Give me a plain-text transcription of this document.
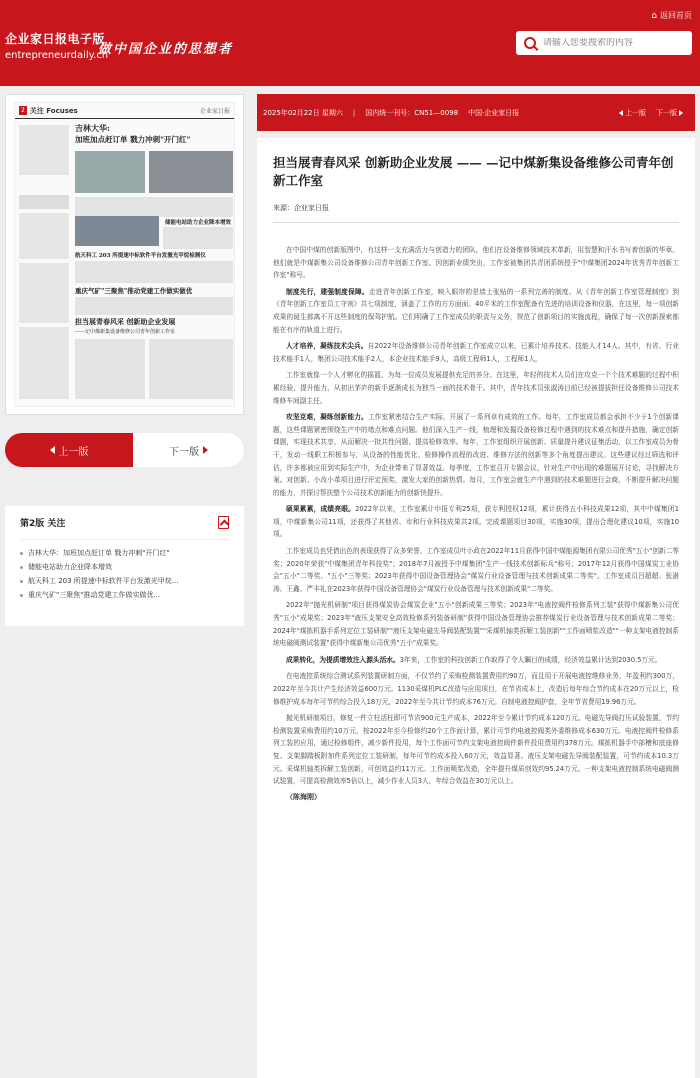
⌂ 返回首页
企业家日报电子版
entrepreneurdaily.cn
做中国企业的思想者
请输入您要搜索的内容
2 关注 Focuses	企业家日报
吉林大华:
加班加点赶订单 戮力冲刺"开门红"
储能电站助力企业降本增效
航天科工 203 所提速中标软件平台发激光甲烷检测仪
重庆气矿"三聚焦"推动党建工作做实做优
担当展青春风采 创新助企业发展
——记中煤新集设备维修公司青年创新工作室
上一版	下一版
第2版 关注
吉林大华：加班加点赶订单 戮力冲刺"开门红"
储能电站助力企业降本增效
航天科工 203 所提速中标软件平台发激光甲烷...
重庆气矿"三聚焦"推动党建工作做实做优...
2025年02月22日 星期六 | 国内统一刊号：CN51—0098 中国·企业家日报	上一版 下一版
担当展青春风采 创新助企业发展 —— —记中煤新集设备维修公司青年创新工作室
来源：企业家日报

在中国中煤的创新版图中，有这样一支充满活力与创造力的团队，他们在设备维修领域技术革新，用智慧和汗水书写着创新的华章。他们就是中煤新集公司设备维修公司青年创新工作室。因创新业绩突出，工作室被集团共青团系统授予"中煤集团2024年优秀青年创新工作室"称号。

制度先行，建强制度保障。走进青年创新工作室，映入眼帘的是墙上张贴的一系列完善的制度。从《青年创新工作室管理制度》到《青年创新工作室员工守则》共七项制度，涵盖了工作的方方面面。40平米的工作室配备有先进的培训设备和仪器，在这里，每一项创新成果的诞生都离不开这些制度的保驾护航。它们明确了工作室成员的职责与义务，规范了创新项目的实施流程，确保了每一次创新探索都能在有序的轨道上进行。

人才培养，凝练技术尖兵。自2022年设备维修公司青年创新工作室成立以来，已累计培养技术、技能人才14人。其中，有省、行业技术能手1人，集团公司技术能手2人，本企业技术能手9人，高级工程师1人，工程师1人。

工作室就像一个人才孵化的摇篮，为每一位成员发展提供充足的养分。在这里，年轻的技术人员们在攻克一个个技术难题的过程中积累经验，提升能力，从初出茅庐的新手逐渐成长为独当一面的技术骨干。其中，青年技术员张淑涛目前已经被提拔担任设备维修公司技术维修车间副主任。

攻坚克难，凝练创新能力。工作室紧密结合生产实际，开展了一系列卓有成效的工作。每年，工作室成员都会承担不少于1个创新课题，这些课题紧密围绕生产中的堵点和难点问题。他们深入生产一线，梳理和发掘设备检修过程中遇到的技术难点和提升措施，确定创新课题，实现技术共享，从而解决一批共性问题，提高检修效率。每年，工作室组织开展创新、质量提升建议征集活动，以工作室成员为骨干，发动一线职工积极参与，从设备的性能优化、检修操作流程的改进、维修方法的创新等多个角度提出建议。这些建议经过筛选和评估，许多都被应用到实际生产中，为企业带来了显著效益。每季度，工作室召开专题会议，针对生产中出现的难题展开讨论，寻找解决方案。对创新、小改小革项目进行评定预奖，激发大家的创新热情。每月，工作室会就生产中遇到的技术难题进行会商，不断提升解决问题的能力，并探讨帮扶整个公司技术创新能力的创新快提升。

硕果累累，成绩亮眼。2022年以来，工作室累计申报专利25项，获专利授权12项，累计获得五小科技成果12项，其中中煤集团1项，中煤新集公司11项，还获得了其他省、市和行业科技成果共2项。完成课题项目30项，实施30项，提出合理化建议10项，实施10项。

工作室成员也凭借出色的表现获得了众多荣誉。工作室成员叶小政在2022年11月获得中国中煤能源集团有限公司优秀"五小"创新二等奖；2020年荣获"中煤集团青年科技奖"；2018年7月被授予中煤集团"生产一线技术创新标兵"称号；2017年12月获得中国煤炭工业协会"五小"二等奖、"五小"三等奖；2023年获得中国设备管理协会"煤炭行业设备管理与技术创新成果二等奖"。工作室成员吕超超、张澍涛、王鑫、严丰礼在2023年获得中国设备管理协会"煤炭行业设备管理与技术创新成果"二等奖。

2022年"抛光机研制"项目获得煤炭协会煤炭企业"五小"创新成果三等奖；2023年"电液控阀件检修系列工装"获得中煤新集公司优秀"五小"成果奖；2023年"液压支架安全高效检修系列装备研制"获得中国设备管理协会推荐煤炭行业设备管理与技术创新成果二等奖；2024年"煤拣机器手系列定位工装研制""液压支架电磁先导阀装配装置""采煤机轴类拆解工装创新""工作面喷浆改造""一种支架电液控制系统电磁阀测试装置"获得中煤新集公司优秀"五小"成果奖。

成果转化，为提质增效注入源头活水。3年来，工作室的科技创新工作取得了令人瞩目的成绩，经济效益累计达到2030.5万元。

在电液控系统综合测试系列装置研制方面，不仅节约了采购检测装置费用约90万，而且用于开展电液控维修业务，年盈利约300万，2022年至今共计产生经济效益600万元。1130采煤机PLC改造与应用项目，在节省成本上，改造后每年综合节约成本在20万元以上，检修维护成本每年可节约综合投入18万元，2022年至今共计节约成本76万元。自制电液控阀护套，全年节省费用19.96万元。

抛光机研制项目，修复一件立柱活柱即可节省900元生产成本，2022年至今累计节约成本120万元。电磁先导阀打压试验装置，节约检测装置采购费用约10万元，按2022年至今检修约20个工作面计算，累计可节约电液控阀类外委维修成本630万元。电液控阀件检修系列工装的应用，通过检修组件，减少新件投用，每个工作面可节约支架电液控阀件新件投用费用约378万元。煤拣机器手中部槽和底座修复、支架脚踏板附加件系列定位工装研制，每年可节约成本投入60万元，效益显著。液压支架电磁先导阀装配装置，可节约成本10.3万元。采煤机轴类拆解工装创新，可创效益约11万元。工作面喷浆改造，全年提升煤质创效约95.24万元。一种支架电液控制系统电磁阀测试装置，可提高检测效率5倍以上，减少作业人员3人，年综合效益在30万元以上。

（陈海刚）
